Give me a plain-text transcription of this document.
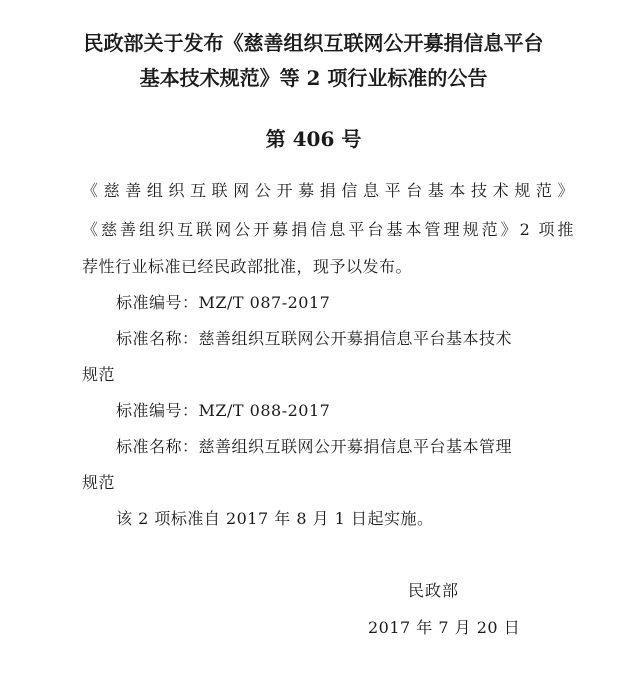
民政部关于发布《慈善组织互联网公开募捐信息平台
基本技术规范》等 2 项行业标准的公告
第 406 号
《慈善组织互联网公开募捐信息平台基本技术规范》
《慈善组织互联网公开募捐信息平台基本管理规范》2 项推
荐性行业标准已经民政部批准，现予以发布。
标准编号：MZ/T 087-2017
标准名称：慈善组织互联网公开募捐信息平台基本技术
规范
标准编号：MZ/T 088-2017
标准名称：慈善组织互联网公开募捐信息平台基本管理
规范
该 2 项标准自 2017 年 8 月 1 日起实施。
民政部
2017 年 7 月 20 日
